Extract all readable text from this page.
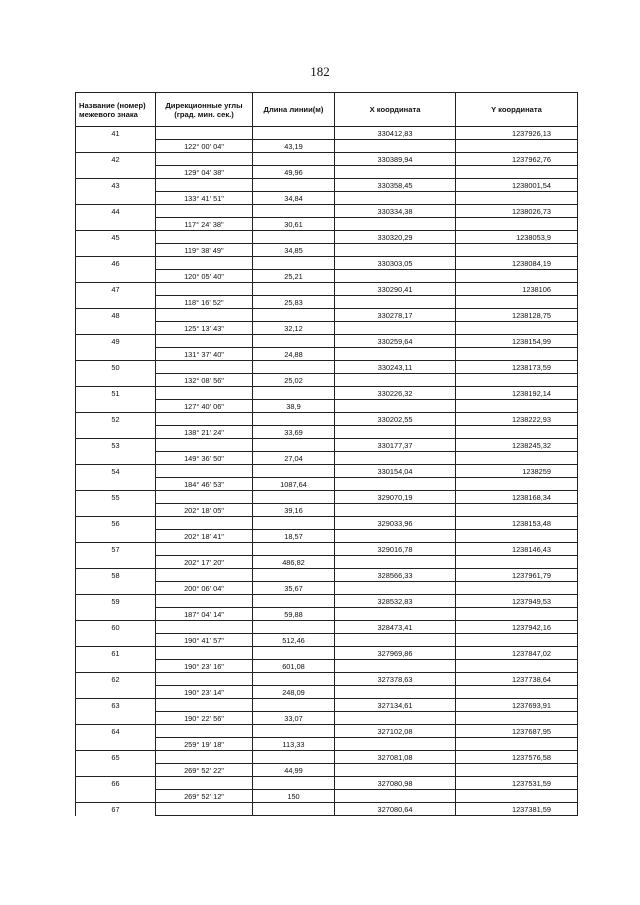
182
Название (номер) межевого знака	Дирекционные углы (град. мин. сек.)	Длина линии(м)	X координата	Y координата
41			330412,83	1237926,13
	122° 00' 04"	43,19		
42			330389,94	1237962,76
	129° 04' 38"	49,96		
43			330358,45	1238001,54
	133° 41' 51"	34,84		
44			330334,38	1238026,73
	117° 24' 38"	30,61		
45			330320,29	1238053,9
	119° 38' 49"	34,85		
46			330303,05	1238084,19
	120° 05' 40"	25,21		
47			330290,41	1238106
	118° 16' 52"	25,83		
48			330278,17	1238128,75
	125° 13' 43"	32,12		
49			330259,64	1238154,99
	131° 37' 40"	24,88		
50			330243,11	1238173,59
	132° 08' 56"	25,02		
51			330226,32	1238192,14
	127° 40' 06"	38,9		
52			330202,55	1238222,93
	138° 21' 24"	33,69		
53			330177,37	1238245,32
	149° 36' 50"	27,04		
54			330154,04	1238259
	184° 46' 53"	1087,64		
55			329070,19	1238168,34
	202° 18' 05"	39,16		
56			329033,96	1238153,48
	202° 18' 41"	18,57		
57			329016,78	1238146,43
	202° 17' 20"	486,82		
58			328566,33	1237961,79
	200° 06' 04"	35,67		
59			328532,83	1237949,53
	187° 04' 14"	59,88		
60			328473,41	1237942,16
	190° 41' 57"	512,46		
61			327969,86	1237847,02
	190° 23' 16"	601,08		
62			327378,63	1237738,64
	190° 23' 14"	248,09		
63			327134,61	1237693,91
	190° 22' 56"	33,07		
64			327102,08	1237687,95
	259° 19' 18"	113,33		
65			327081,08	1237576,58
	269° 52' 22"	44,99		
66			327080,98	1237531,59
	269° 52' 12"	150		
67			327080,64	1237381,59
